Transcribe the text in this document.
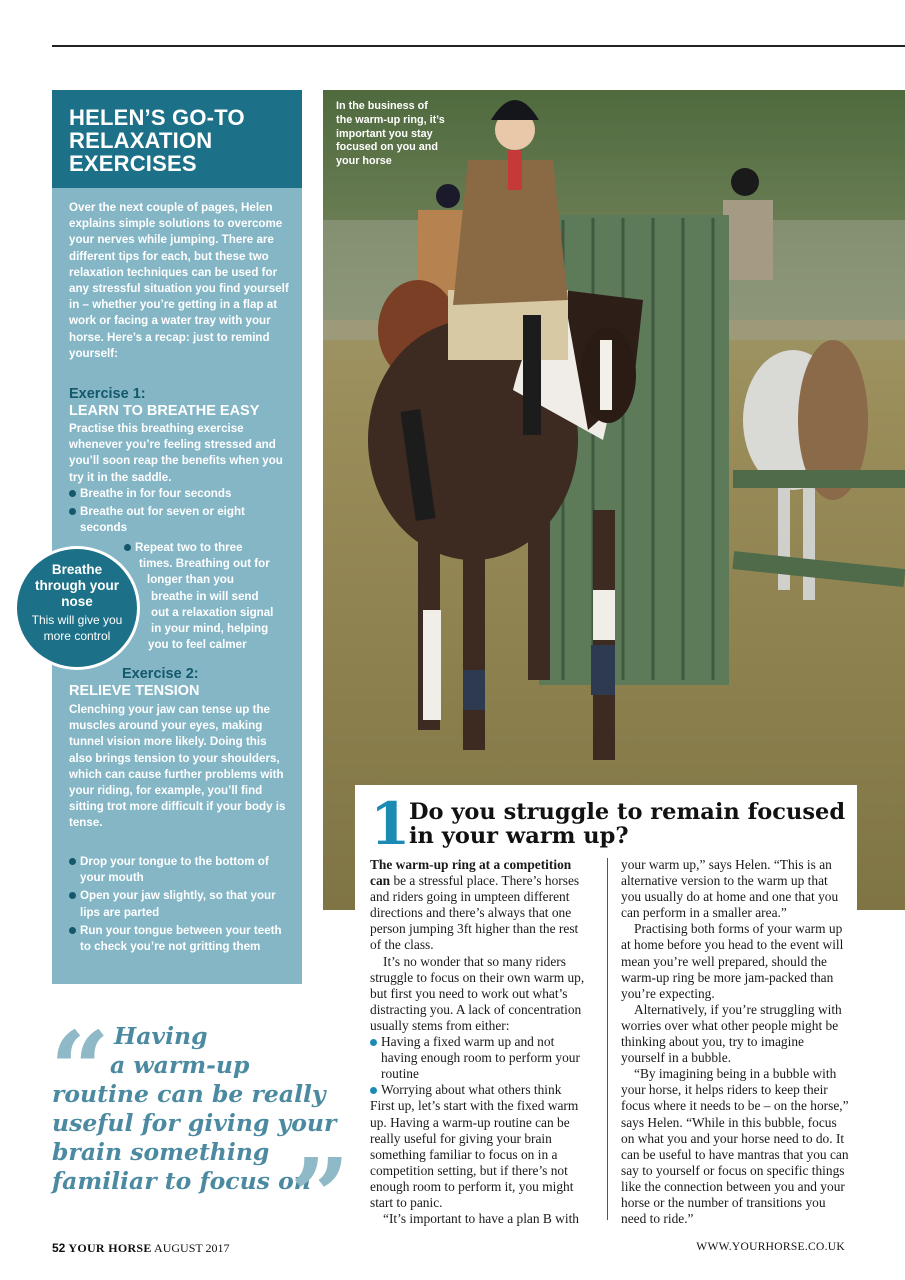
HELEN’S GO-TO RELAXATION EXERCISES

Over the next couple of pages, Helen explains simple solutions to overcome your nerves while jumping. There are different tips for each, but these two relaxation techniques can be used for any stressful situation you find yourself in – whether you’re getting in a flap at work or facing a water tray with your horse. Here’s a recap: just to remind yourself:

Exercise 1:
LEARN TO BREATHE EASY

Practise this breathing exercise whenever you’re feeling stressed and you’ll soon reap the benefits when you try it in the saddle.

Breathe in for four seconds
Breathe out for seven or eight seconds
Repeat two to three
times. Breathing out for
longer than you
breathe in will send
out a relaxation signal
in your mind, helping
you to feel calmer
Exercise 2:
RELIEVE TENSION

Clenching your jaw can tense up the muscles around your eyes, making tunnel vision more likely. Doing this also brings tension to your shoulders, which can cause further problems with your riding, for example, you’ll find sitting trot more difficult if your body is tense.

Drop your tongue to the bottom of your mouth
Open your jaw slightly, so that your lips are parted
Run your tongue between your teeth to check you’re not gritting them
Breathe through your nose
This will give you more control

In the business of the warm-up ring, it’s important you stay focused on you and your horse

1
Do you struggle to remain focused in your warm up?

The warm-up ring at a competition can be a stressful place. There’s horses and riders going in umpteen different directions and there’s always that one person jumping 3ft higher than the rest of the class.

It’s no wonder that so many riders struggle to focus on their own warm up, but first you need to work out what’s distracting you. A lack of concentration usually stems from either:

Having a fixed warm up and not having enough room to perform your routine
Worrying about what others think

First up, let’s start with the fixed warm up. Having a warm-up routine can be really useful for giving your brain something familiar to focus on in a competition setting, but if there’s not enough room to perform it, you might start to panic.

“It’s important to have a plan B with

your warm up,” says Helen. “This is an alternative version to the warm up that you usually do at home and one that you can perform in a smaller area.”

Practising both forms of your warm up at home before you head to the event will mean you’re well prepared, should the warm-up ring be more jam-packed than you’re expecting.

Alternatively, if you’re struggling with worries over what other people might be thinking about you, try to imagine yourself in a bubble.

“By imagining being in a bubble with your horse, it helps riders to keep their focus where it needs to be – on the horse,” says Helen. “While in this bubble, focus on what you and your horse need to do. It can be useful to have mantras that you can say to yourself or focus on specific things like the connection between you and your horse or the number of transitions you need to ride.”

“ Having
a warm-up
routine can be really
useful for giving your
brain something
familiar to focus on
”
52 YOUR HORSE AUGUST 2017	WWW.YOURHORSE.CO.UK
